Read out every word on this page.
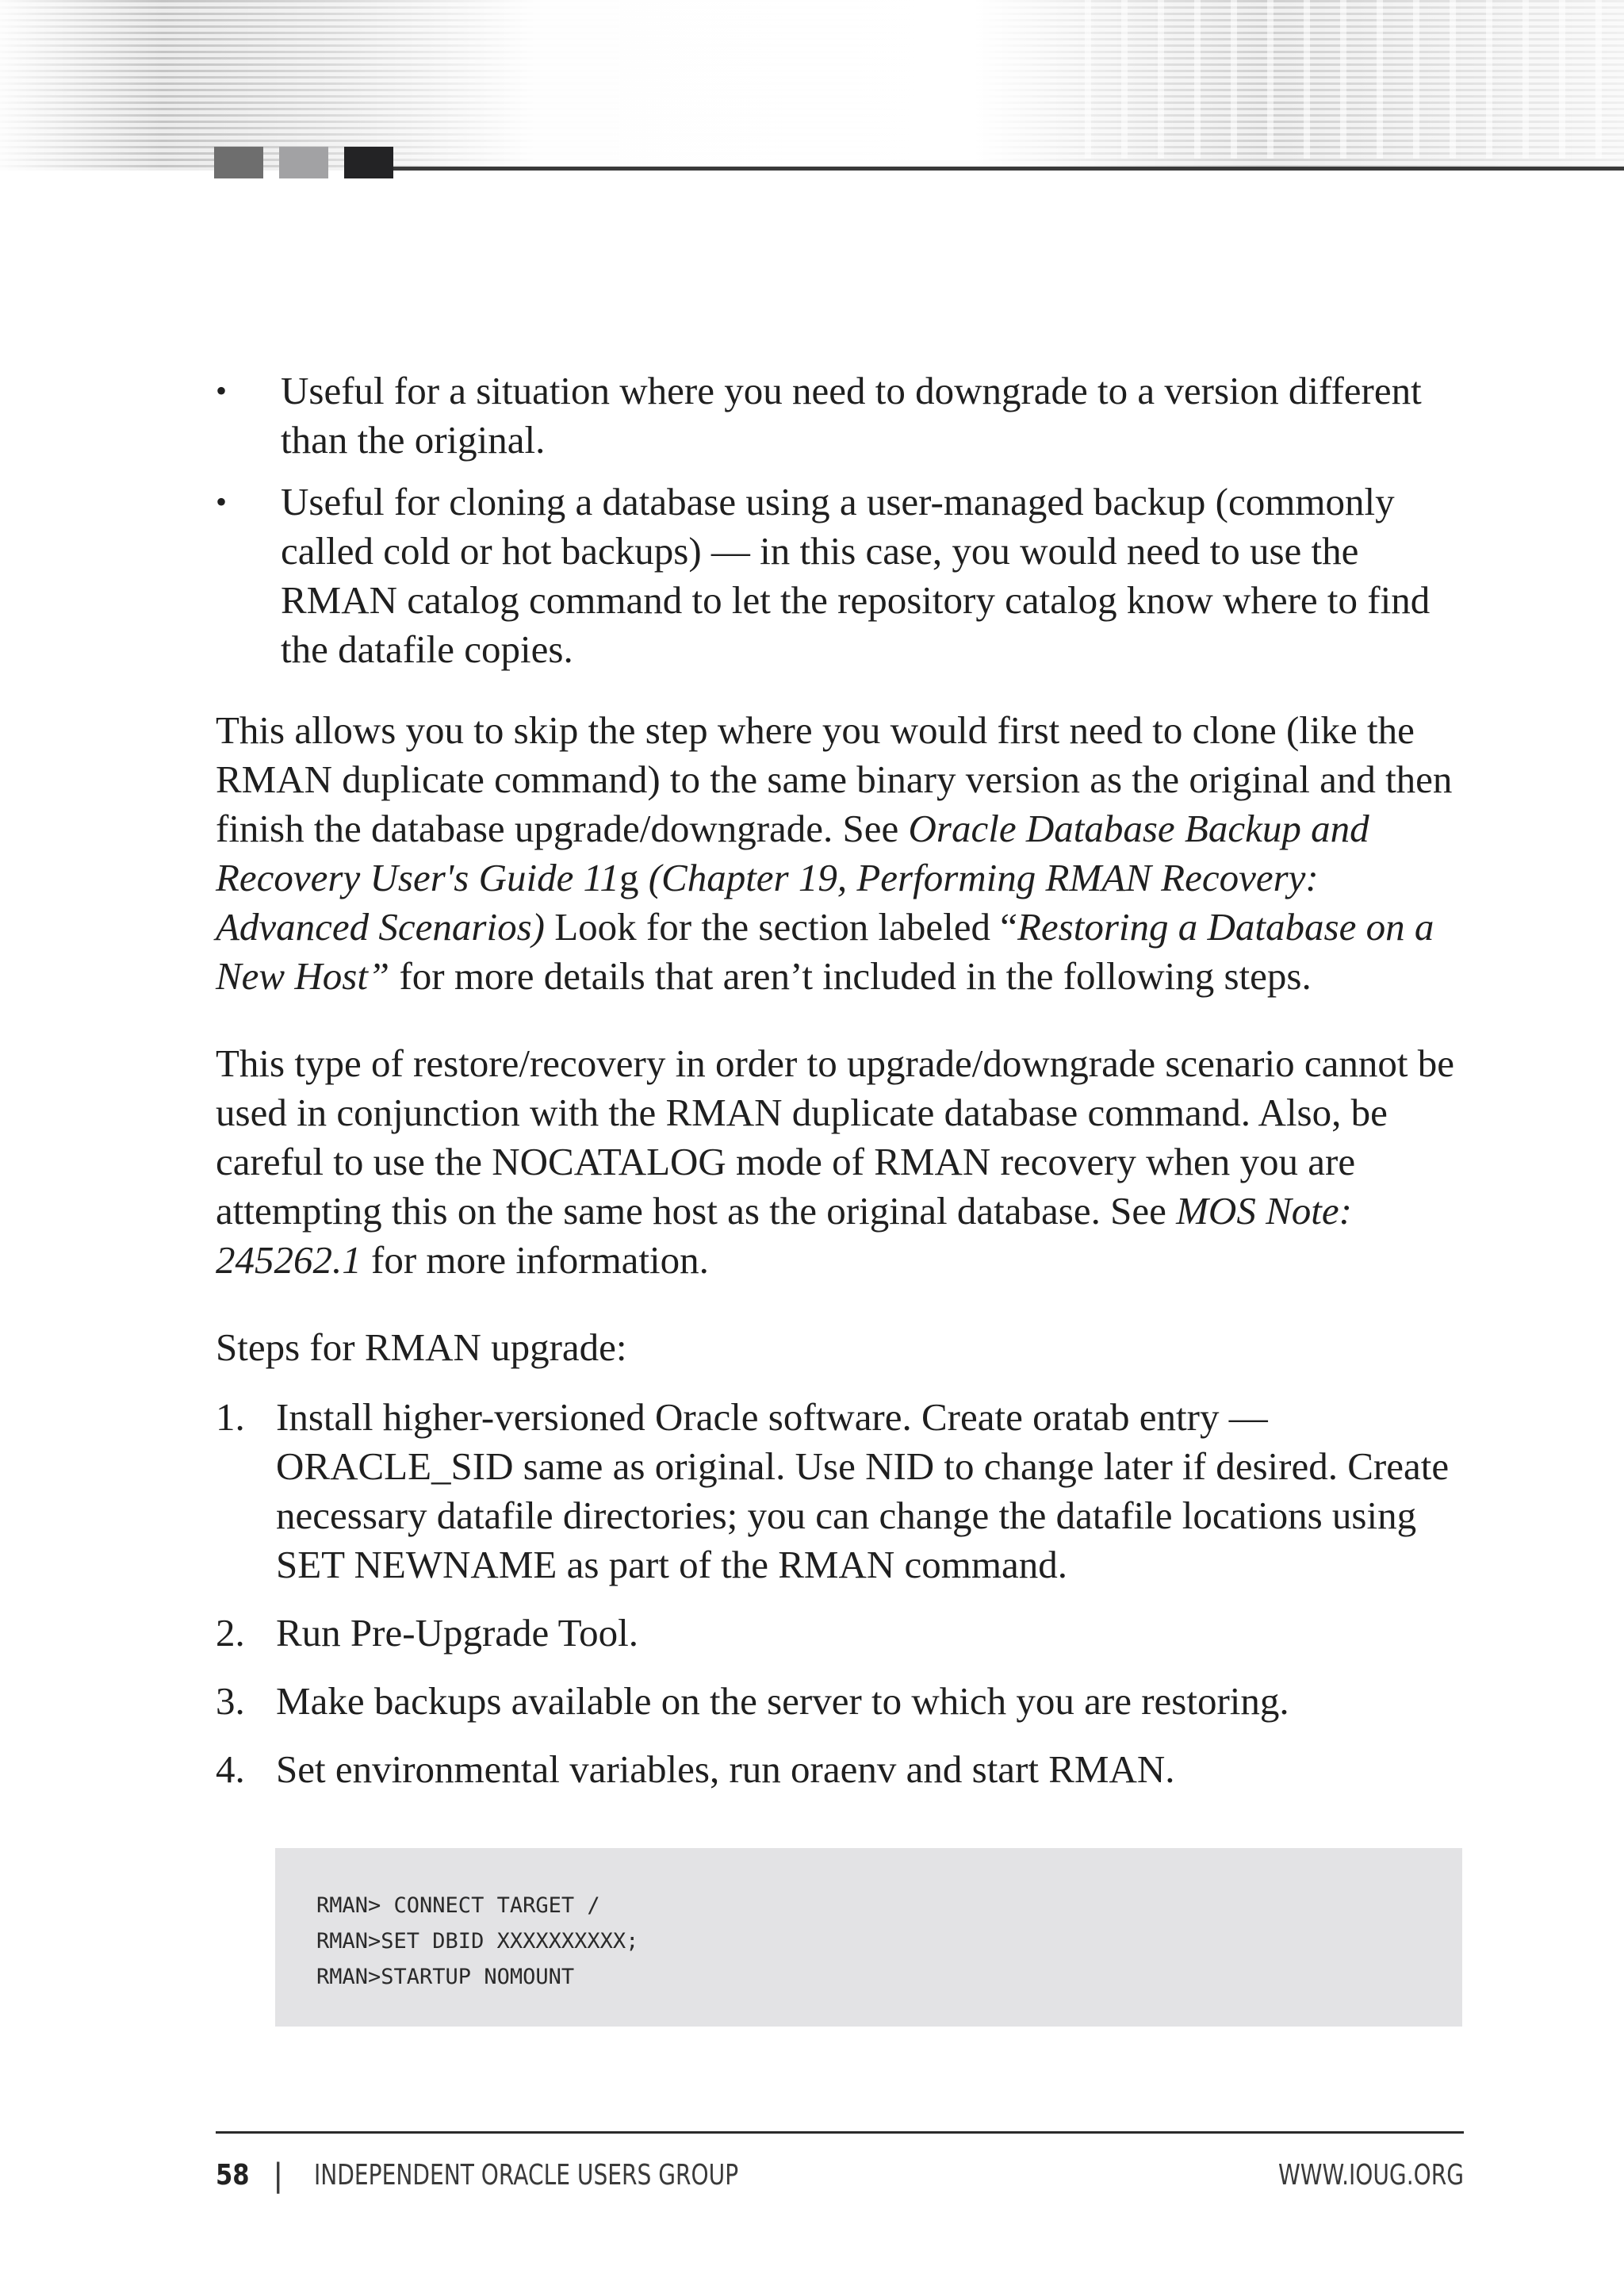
• Useful for a situation where you need to downgrade to a version different than the original.
• Useful for cloning a database using a user-managed backup (commonly called cold or hot backups) — in this case, you would need to use the RMAN catalog command to let the repository catalog know where to find the datafile copies.

This allows you to skip the step where you would first need to clone (like the RMAN duplicate command) to the same binary version as the original and then finish the database upgrade/downgrade. See Oracle Database Backup and Recovery User's Guide 11g (Chapter 19, Performing RMAN Recovery: Advanced Scenarios) Look for the section labeled “Restoring a Database on a New Host” for more details that aren’t included in the following steps.

This type of restore/recovery in order to upgrade/downgrade scenario cannot be used in conjunction with the RMAN duplicate database command. Also, be careful to use the NOCATALOG mode of RMAN recovery when you are attempting this on the same host as the original database. See MOS Note: 245262.1 for more information.

Steps for RMAN upgrade:

1. Install higher-versioned Oracle software. Create oratab entry — ORACLE_SID same as original. Use NID to change later if desired. Create necessary datafile directories; you can change the datafile locations using SET NEWNAME as part of the RMAN command.
2. Run Pre-Upgrade Tool.
3. Make backups available on the server to which you are restoring.
4. Set environmental variables, run oraenv and start RMAN.
RMAN> CONNECT TARGET /
RMAN>SET DBID XXXXXXXXXX;
RMAN>STARTUP NOMOUNT
58 | INDEPENDENT ORACLE USERS GROUP	WWW.IOUG.ORG
